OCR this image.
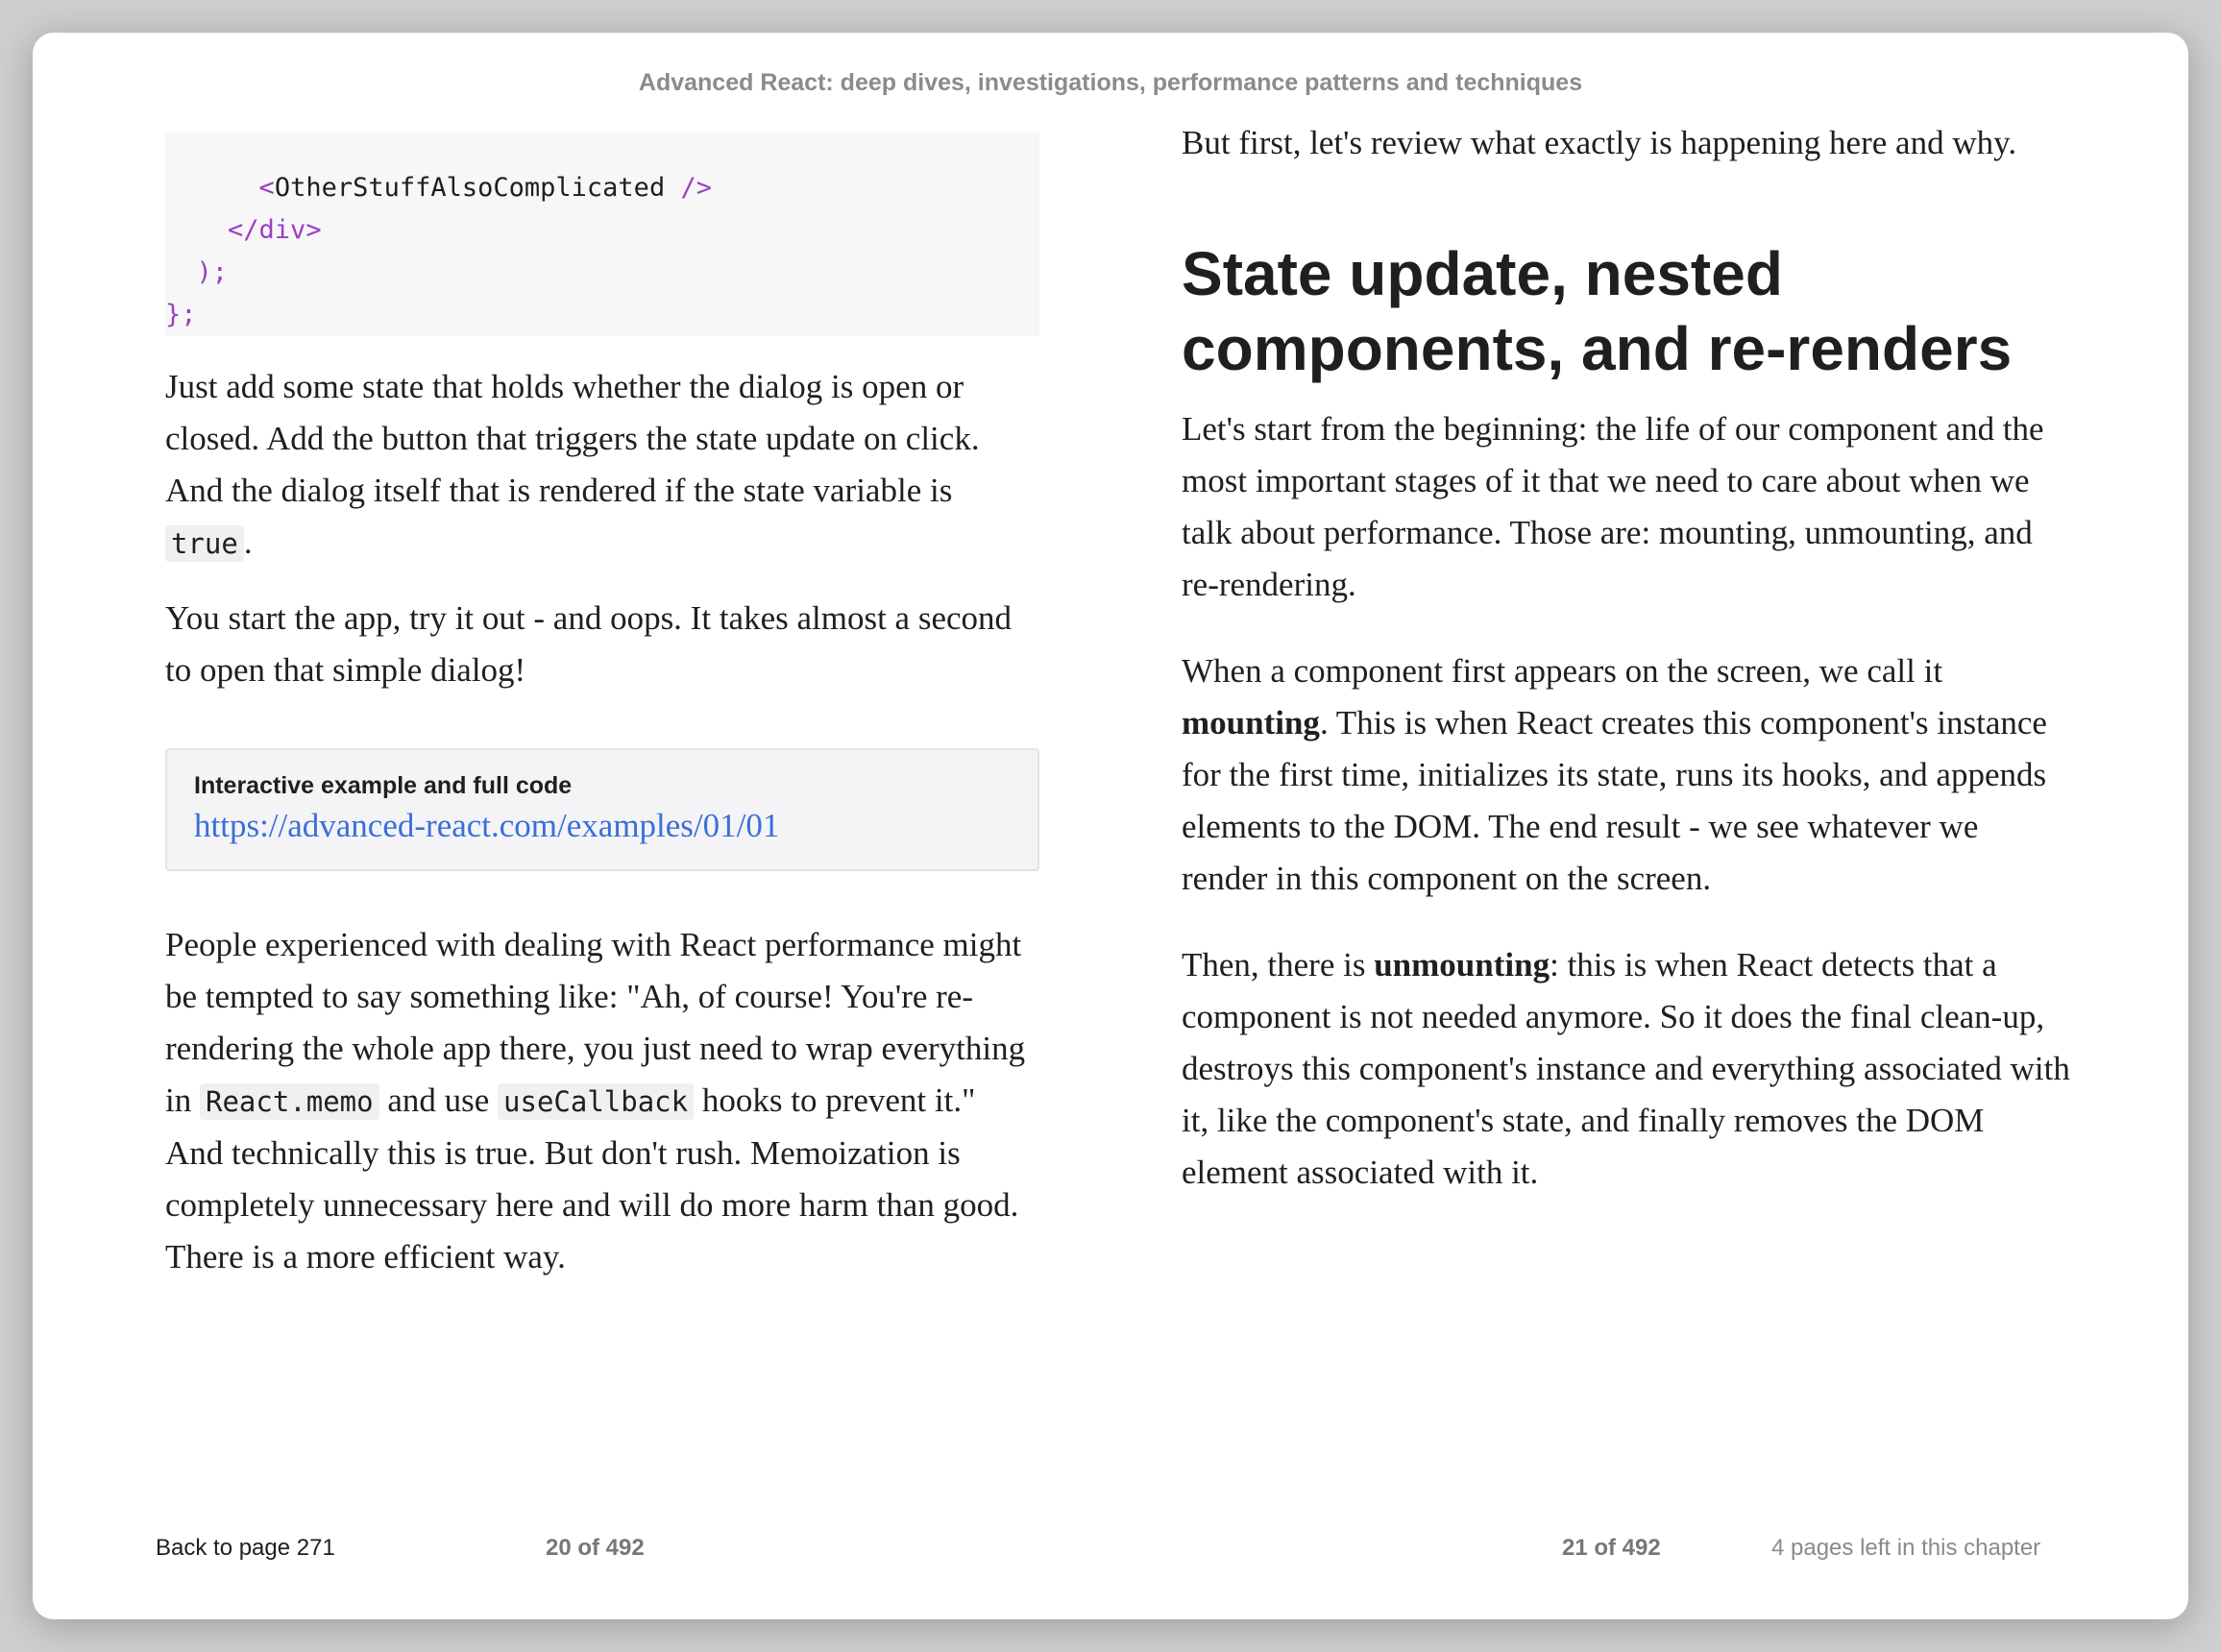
Advanced React: deep dives, investigations, performance patterns and techniques
<OtherStuffAlsoComplicated />
</div>
);
};

Just add some state that holds whether the dialog is open or closed. Add the button that triggers the state update on click. And the dialog itself that is rendered if the state variable is true .

You start the app, try it out - and oops. It takes almost a second to open that simple dialog!

Interactive example and full code
https://advanced-react.com/examples/01/01

People experienced with dealing with React performance might be tempted to say something like: "Ah, of course! You're re-rendering the whole app there, you just need to wrap everything in React.memo and use useCallback hooks to prevent it." And technically this is true. But don't rush. Memoization is completely unnecessary here and will do more harm than good. There is a more efficient way.

But first, let's review what exactly is happening here and why.

State update, nested components, and re-renders

Let's start from the beginning: the life of our component and the most important stages of it that we need to care about when we talk about performance. Those are: mounting, unmounting, and re-rendering.

When a component first appears on the screen, we call it mounting. This is when React creates this component's instance for the first time, initializes its state, runs its hooks, and appends elements to the DOM. The end result - we see whatever we render in this component on the screen.

Then, there is unmounting: this is when React detects that a component is not needed anymore. So it does the final clean-up, destroys this component's instance and everything associated with it, like the component's state, and finally removes the DOM element associated with it.

Back to page 271	20 of 492	21 of 492	4 pages left in this chapter
